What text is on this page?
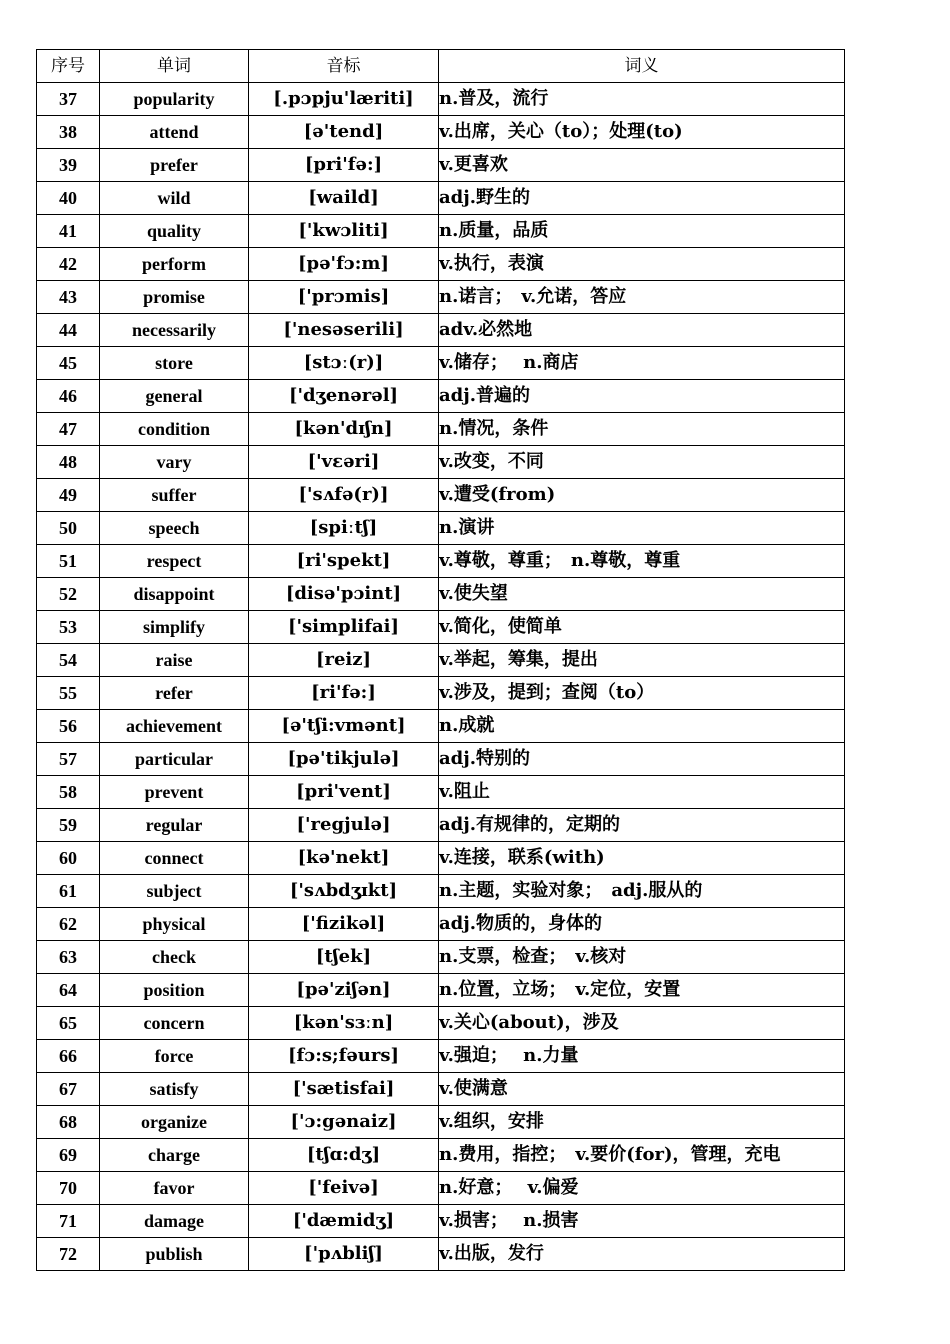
序号	单词	音标	词义
37	popularity	[.pɔpju'læriti]	n.普及，流行
38	attend	[ə'tend]	v.出席，关心（to）；处理(to)
39	prefer	[pri'fə:]	v.更喜欢
40	wild	[waild]	adj.野生的
41	quality	['kwɔliti]	n.质量，品质
42	perform	[pə'fɔ:m]	v.执行，表演
43	promise	['prɔmis]	n.诺言；　v.允诺，答应
44	necessarily	['nesəserili]	adv.必然地
45	store	[stɔː(r)]	v.储存；　 n.商店
46	general	['dʒenərəl]	adj.普遍的
47	condition	[kən'dɪʃn]	n.情况，条件
48	vary	['vɛəri]	v.改变，不同
49	suffer	['sʌfə(r)]	v.遭受(from)
50	speech	[spiːtʃ]	n.演讲
51	respect	[ri'spekt]	v.尊敬，尊重；　n.尊敬，尊重
52	disappoint	[disə'pɔint]	v.使失望
53	simplify	['simplifai]	v.简化，使简单
54	raise	[reiz]	v.举起，筹集，提出
55	refer	[ri'fə:]	v.涉及，提到；查阅（to）
56	achievement	[ə'tʃi:vmənt]	n.成就
57	particular	[pə'tikjulə]	adj.特别的
58	prevent	[pri'vent]	v.阻止
59	regular	['regjulə]	adj.有规律的，定期的
60	connect	[kə'nekt]	v.连接，联系(with)
61	subject	['sʌbdʒɪkt]	n.主题，实验对象；　adj.服从的
62	physical	['fizikəl]	adj.物质的，身体的
63	check	[tʃek]	n.支票，检查；　v.核对
64	position	[pə'ziʃən]	n.位置，立场；　v.定位，安置
65	concern	[kən'sɜːn]	v.关心(about)，涉及
66	force	[fɔ:s;fəurs]	v.强迫；　 n.力量
67	satisfy	['sætisfai]	v.使满意
68	organize	['ɔ:gənaiz]	v.组织，安排
69	charge	[tʃɑ:dʒ]	n.费用，指控；　v.要价(for)，管理，充电
70	favor	['feivə]	n.好意；　 v.偏爱
71	damage	['dæmidʒ]	v.损害；　 n.损害
72	publish	['pʌbliʃ]	v.出版，发行
